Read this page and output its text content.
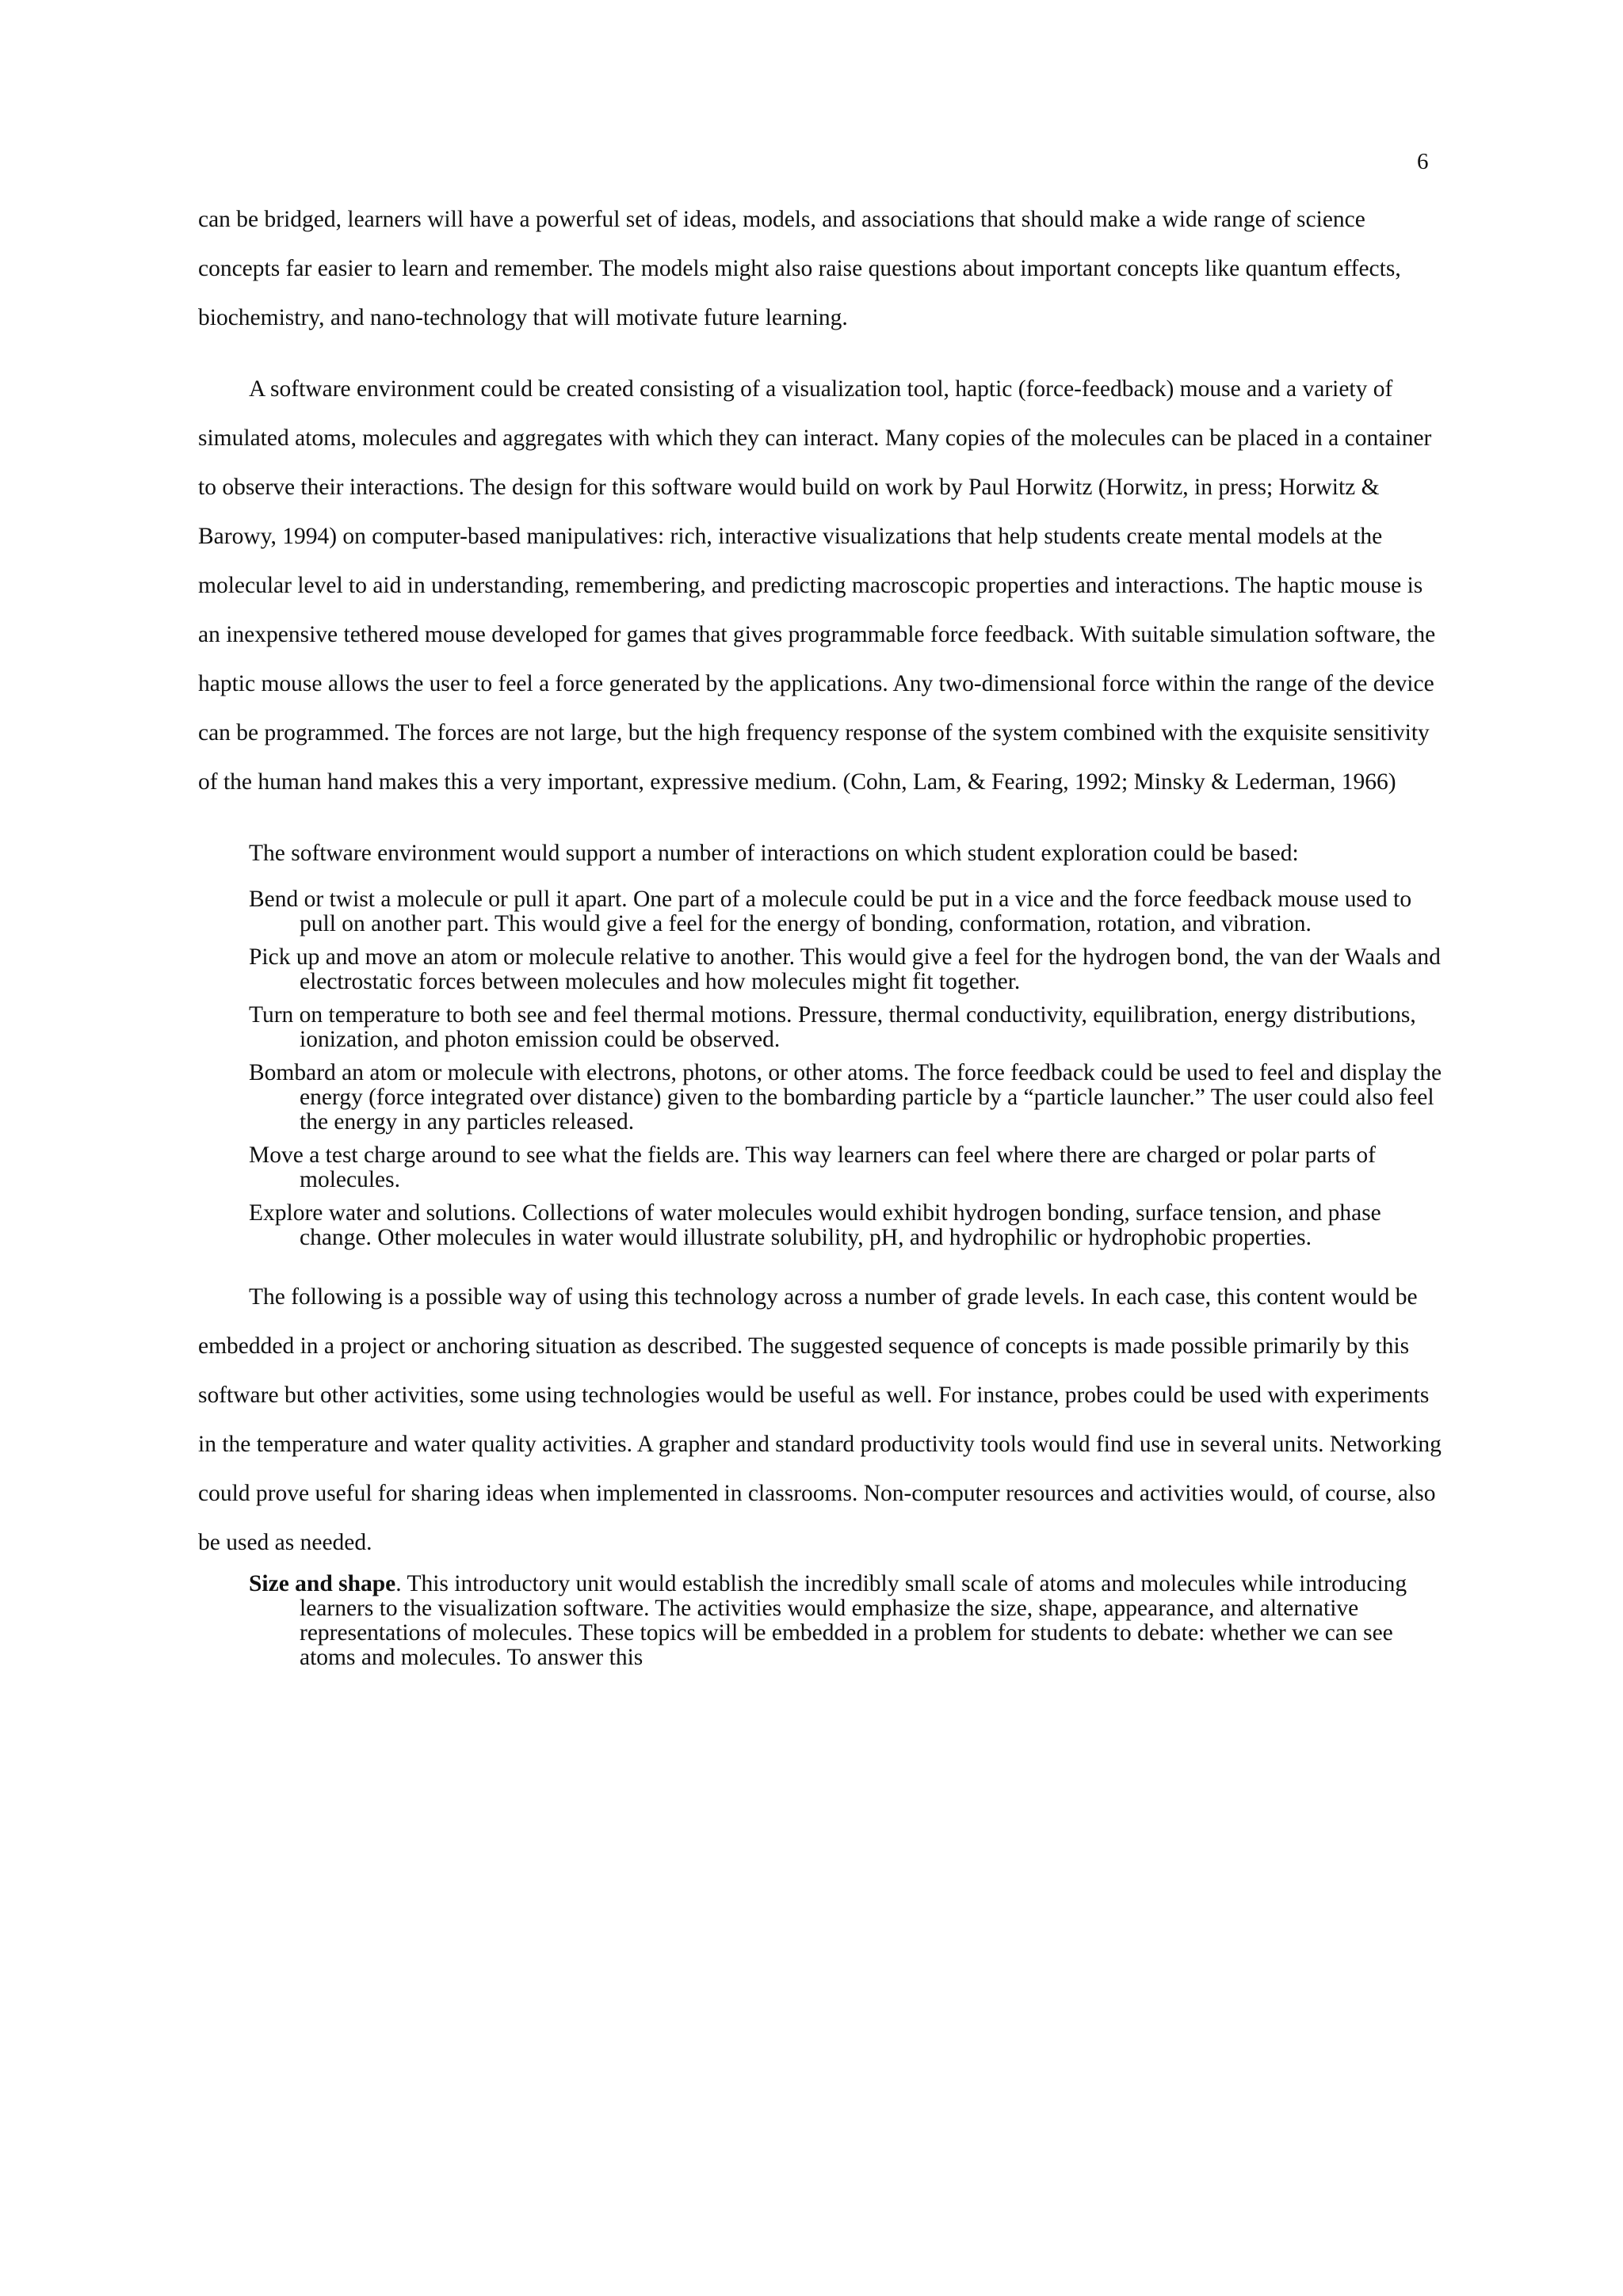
6

can be bridged, learners will have a powerful set of ideas, models, and associations that should make a wide range of science concepts far easier to learn and remember. The models might also raise questions about important concepts like quantum effects, biochemistry, and nano-technology that will motivate future learning.

A software environment could be created consisting of a visualization tool, haptic (force-feedback) mouse and a variety of simulated atoms, molecules and aggregates with which they can interact. Many copies of the molecules can be placed in a container to observe their interactions. The design for this software would build on work by Paul Horwitz (Horwitz, in press; Horwitz & Barowy, 1994) on computer-based manipulatives: rich, interactive visualizations that help students create mental models at the molecular level to aid in understanding, remembering, and predicting macroscopic properties and interactions. The haptic mouse is an inexpensive tethered mouse developed for games that gives programmable force feedback. With suitable simulation software, the haptic mouse allows the user to feel a force generated by the applications. Any two-dimensional force within the range of the device can be programmed. The forces are not large, but the high frequency response of the system combined with the exquisite sensitivity of the human hand makes this a very important, expressive medium. (Cohn, Lam, & Fearing, 1992; Minsky & Lederman, 1966)

The software environment would support a number of interactions on which student exploration could be based:

Bend or twist a molecule or pull it apart. One part of a molecule could be put in a vice and the force feedback mouse used to pull on another part. This would give a feel for the energy of bonding, conformation, rotation, and vibration.
Pick up and move an atom or molecule relative to another. This would give a feel for the hydrogen bond, the van der Waals and electrostatic forces between molecules and how molecules might fit together.
Turn on temperature to both see and feel thermal motions. Pressure, thermal conductivity, equilibration, energy distributions, ionization, and photon emission could be observed.
Bombard an atom or molecule with electrons, photons, or other atoms. The force feedback could be used to feel and display the energy (force integrated over distance) given to the bombarding particle by a “particle launcher.” The user could also feel the energy in any particles released.
Move a test charge around to see what the fields are. This way learners can feel where there are charged or polar parts of molecules.
Explore water and solutions. Collections of water molecules would exhibit hydrogen bonding, surface tension, and phase change. Other molecules in water would illustrate solubility, pH, and hydrophilic or hydrophobic properties.

The following is a possible way of using this technology across a number of grade levels. In each case, this content would be embedded in a project or anchoring situation as described. The suggested sequence of concepts is made possible primarily by this software but other activities, some using technologies would be useful as well. For instance, probes could be used with experiments in the temperature and water quality activities. A grapher and standard productivity tools would find use in several units. Networking could prove useful for sharing ideas when implemented in classrooms. Non-computer resources and activities would, of course, also be used as needed.

Size and shape. This introductory unit would establish the incredibly small scale of atoms and molecules while introducing learners to the visualization software. The activities would emphasize the size, shape, appearance, and alternative representations of molecules. These topics will be embedded in a problem for students to debate: whether we can see atoms and molecules. To answer this
